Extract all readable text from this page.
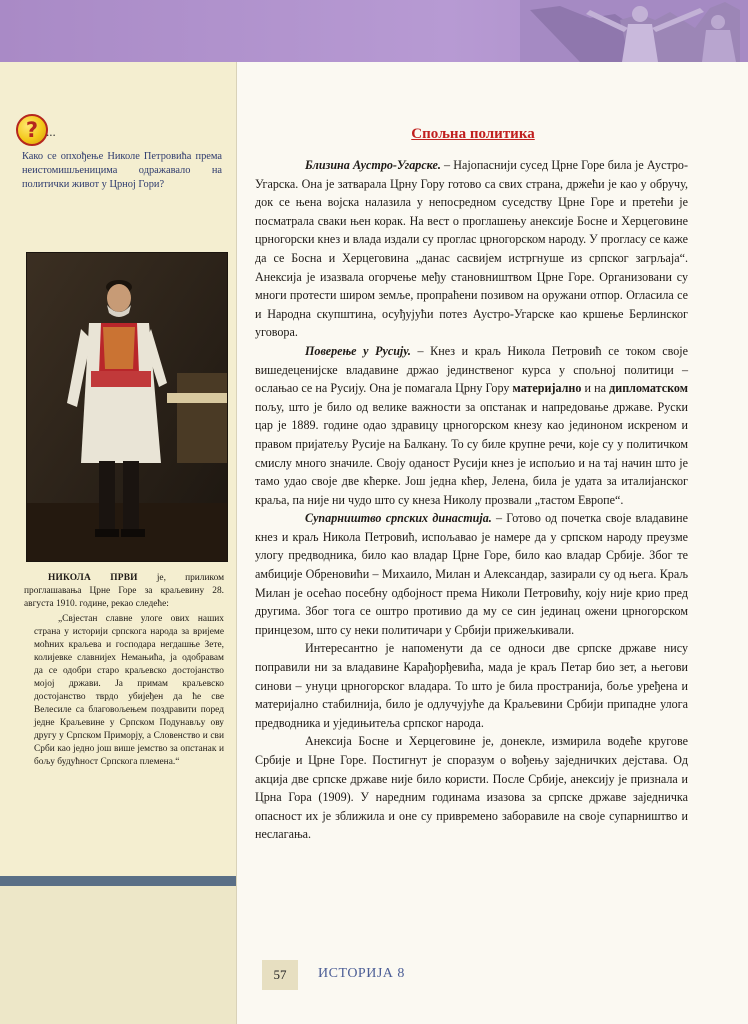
? ...
Како се опхођење Николе Петровића према неистомишљеницима одражавало на политички живот у Црној Гори?

НИКОЛА ПРВИ је, приликом проглашавања Црне Горе за краљевину 28. августа 1910. године, рекао следеће:

„Свјестан славне улоге ових наших страна у историји српскога народа за вријеме моћних краљева и господара негдашње Зете, колијевке славнијех Немањића, ја одобравам да се одобри старо краљевско достојанство мојој држави. Ја примам краљевско достојанство тврдо убијеђен да ће све Велесиле са благовољењем поздравити поред једне Краљевине у Српском Подунављу ову другу у Српском Приморју, а Словенство и сви Срби као једно још више јемство за опстанак и бољу будућност Српскога племена.“

Спољна политика

Близина Аустро-Угарске. – Најопаснији сусед Црне Горе била је Аустро-Угарска. Она је затварала Црну Гору готово са свих страна, држећи је као у обручу, док се њена војска налазила у непосредном суседству Црне Горе и претећи је посматрала сваки њен корак. На вест о проглашењу анексије Босне и Херцеговине црногорски кнез и влада издали су проглас црногорском народу. У прогласу се каже да се Босна и Херцеговина „данас сасвијем истргнуше из српског загрљаја“. Анексија је изазвала огорчење међу становништвом Црне Горе. Организовани су многи протести широм земље, пропраћени позивом на оружани отпор. Огласила се и Народна скупштина, осуђујући потез Аустро-Угарске као кршење Берлинског уговора.

Поверење у Русију. – Кнез и краљ Никола Петровић се током своје вишедеценијске владавине држао јединственог курса у спољној политици – ослањао се на Русију. Она је помагала Црну Гору материјално и на дипломатском пољу, што је било од велике важности за опстанак и напредовање државе. Руски цар је 1889. године одао здравицу црногорском кнезу као јединоном искреном и правом пријатељу Русије на Балкану. То су биле крупне речи, које су у политичком смислу много значиле. Своју оданост Русији кнез је испољио и на тај начин што је тамо удао своје две кћерке. Још једна кћер, Јелена, била је удата за италијанског краља, па није ни чудо што су кнеза Николу прозвали „тастом Европе“.

Супарништво српских династија. – Готово од почетка своје владавине кнез и краљ Никола Петровић, испољавао је намере да у српском народу преузме улогу предводника, било као владар Црне Горе, било као владар Србије. Због те амбиције Обреновићи – Михаило, Милан и Александар, зазирали су од њега. Краљ Милан је осећао посебну одбојност према Николи Петровићу, коју није крио пред другима. Због тога се оштро противио да му се син јединац ожени црногорском принцезом, што су неки политичари у Србији прижељкивали.

Интересантно је напоменути да се односи две српске државе нису поправили ни за владавине Карађорђевића, мада је краљ Петар био зет, а његови синови – унуци црногорског владара. То што је била пространија, боље уређена и материјално стабилнија, било је одлучујуће да Краљевини Србији припадне улога предводника и уједињитеља српског народа.

Анексија Босне и Херцеговине је, донекле, измирила водеће кругове Србије и Црне Горе. Постигнут је споразум о вођењу заједничких дејстава. Од акција две српске државе није било користи. После Србије, анексију је признала и Црна Гора (1909). У наредним годинама изазова за српске државе заједничка опасност их је зближила и оне су привремено заборавиле на своје супарништво и нeслагања.

57	ИСТОРИЈА 8
